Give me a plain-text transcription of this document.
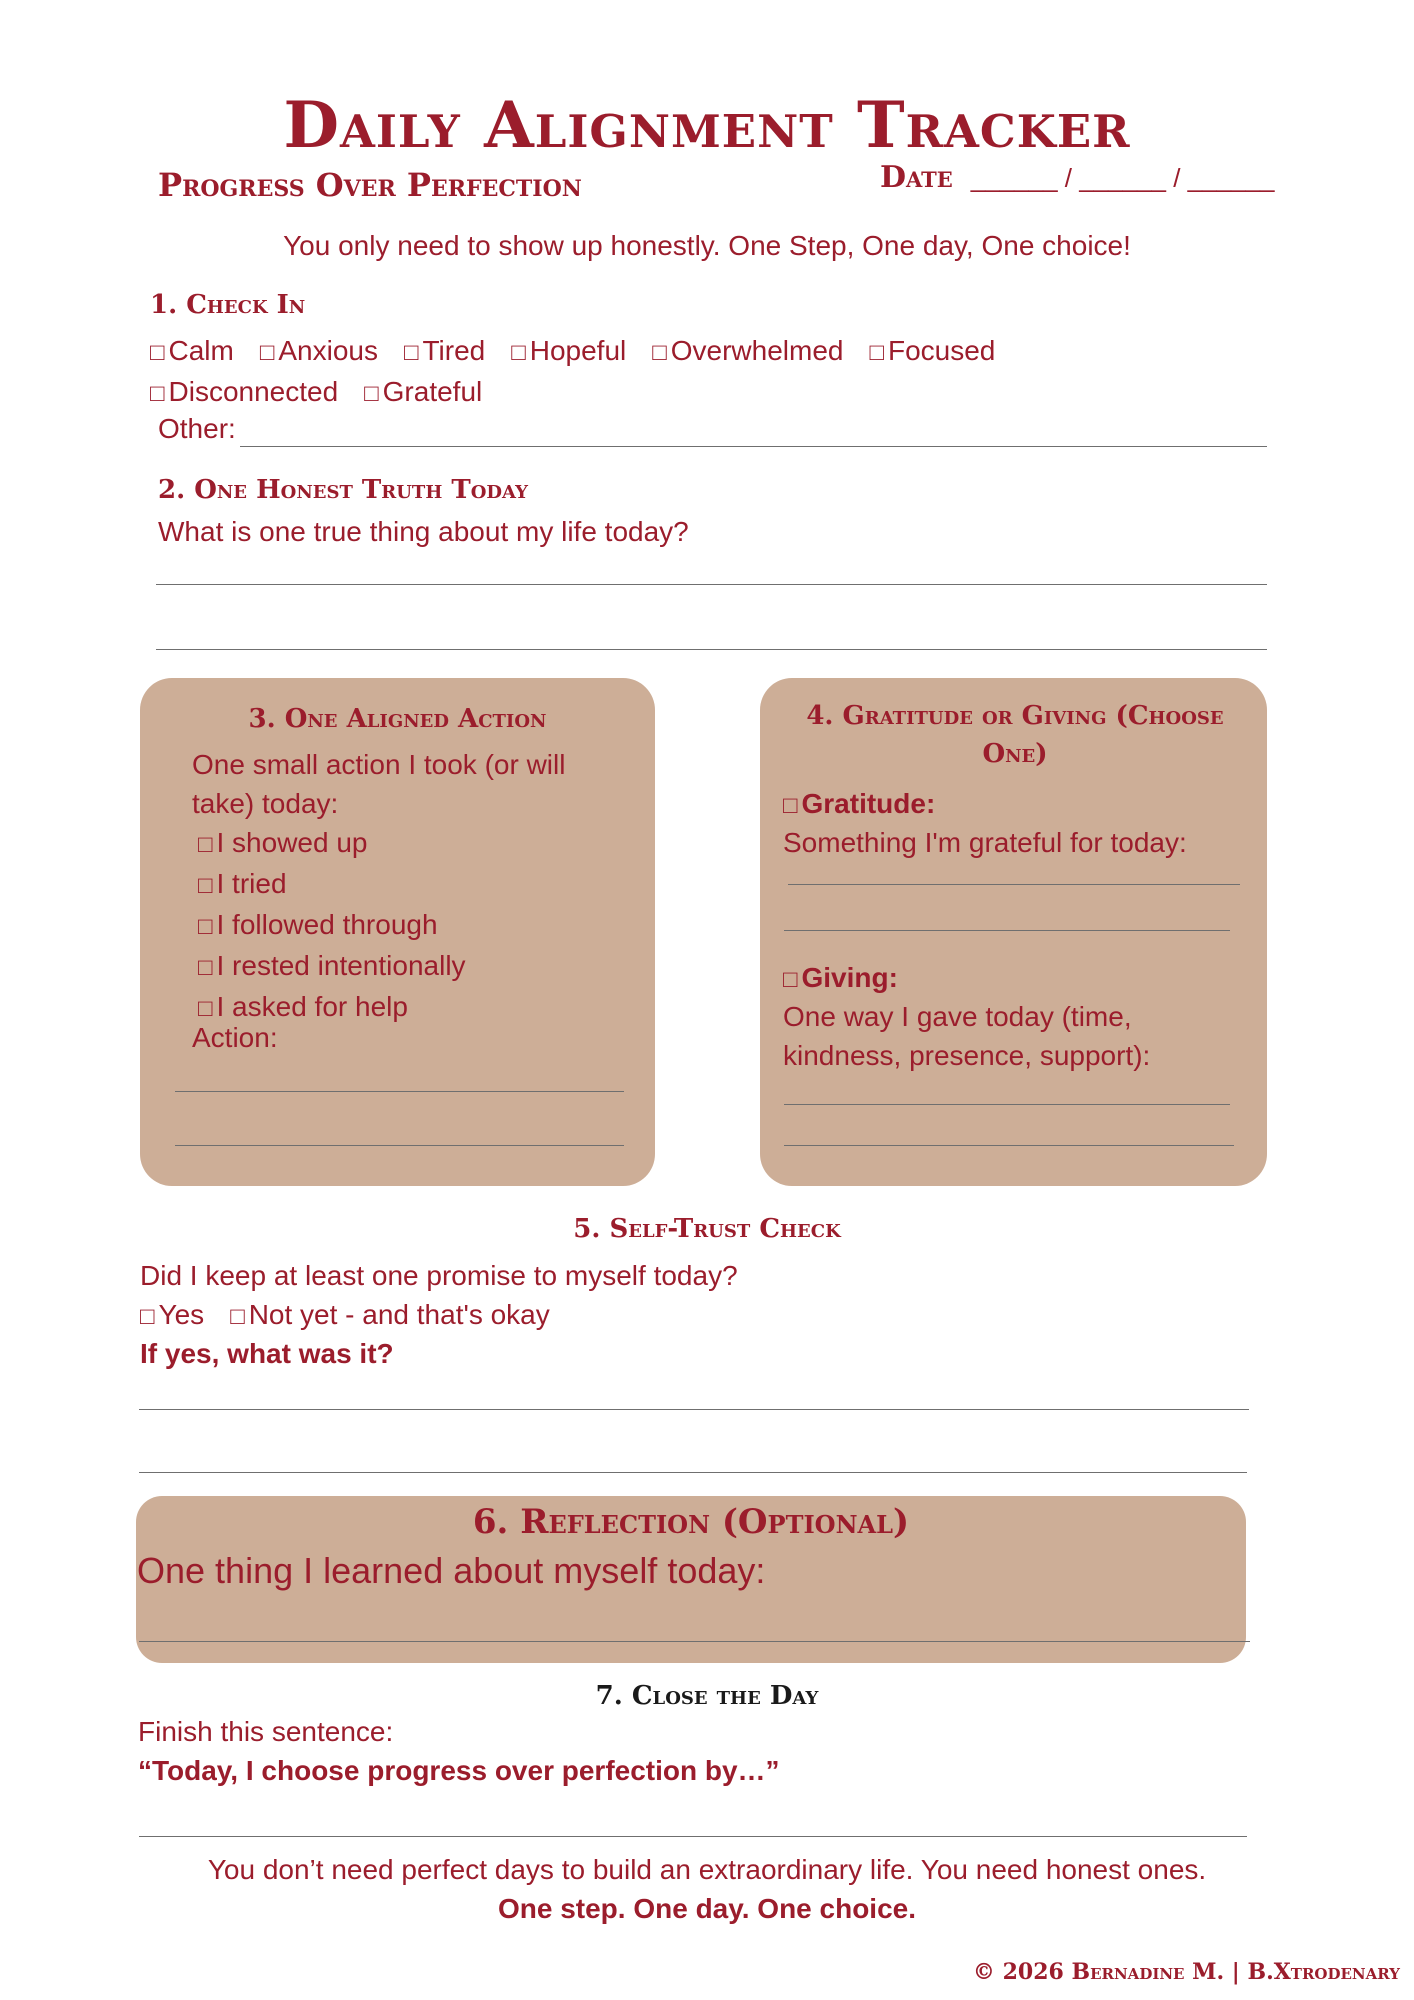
Daily Alignment Tracker
Progress Over Perfection	Date ______ / ______ / ______
You only need to show up honestly. One Step, One day, One choice!
1. Check In
□ Calm □ Anxious □ Tired □ Hopeful □ Overwhelmed □ Focused
□ Disconnected □ Grateful
Other:
2. One Honest Truth Today
What is one true thing about my life today?
3. One Aligned Action
One small action I took (or will take) today:
□ I showed up
□ I tried
□ I followed through
□ I rested intentionally
□ I asked for help
Action:
4. Gratitude or Giving (Choose One)
□ Gratitude:
Something I'm grateful for today:
□ Giving:
One way I gave today (time, kindness, presence, support):
5. Self-Trust Check
Did I keep at least one promise to myself today?
□ Yes □ Not yet - and that's okay
If yes, what was it?
6. Reflection (Optional)
One thing I learned about myself today:
7. Close the Day
Finish this sentence:
“Today, I choose progress over perfection by…”
You don’t need perfect days to build an extraordinary life. You need honest ones.
One step. One day. One choice.
© 2026 Bernadine M. | B.Xtrodenary
